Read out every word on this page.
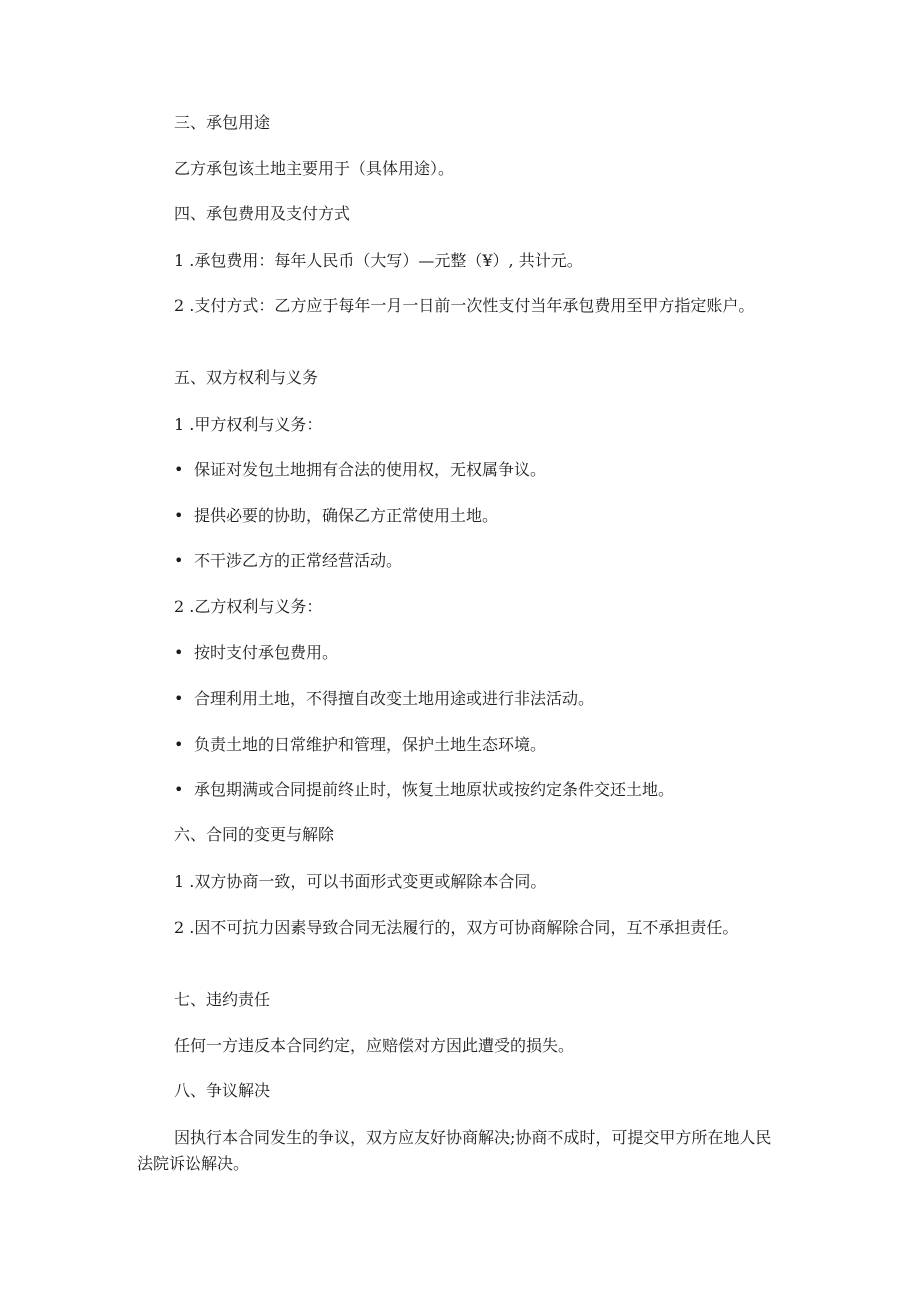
三、承包用途
乙方承包该土地主要用于（具体用途）。
四、承包费用及支付方式
1 .承包费用：每年人民币（大写）—元整（¥）, 共计元。
2 .支付方式：乙方应于每年一月一日前一次性支付当年承包费用至甲方指定账户。
五、双方权利与义务
1 .甲方权利与义务：
• 保证对发包土地拥有合法的使用权，无权属争议。
• 提供必要的协助，确保乙方正常使用土地。
• 不干涉乙方的正常经营活动。
2 .乙方权利与义务：
• 按时支付承包费用。
• 合理利用土地，不得擅自改变土地用途或进行非法活动。
• 负责土地的日常维护和管理，保护土地生态环境。
• 承包期满或合同提前终止时，恢复土地原状或按约定条件交还土地。
六、合同的变更与解除
1 .双方协商一致，可以书面形式变更或解除本合同。
2 .因不可抗力因素导致合同无法履行的，双方可协商解除合同，互不承担责任。
七、违约责任
任何一方违反本合同约定，应赔偿对方因此遭受的损失。
八、争议解决
因执行本合同发生的争议，双方应友好协商解决;协商不成时，可提交甲方所在地人民法院诉讼解决。
